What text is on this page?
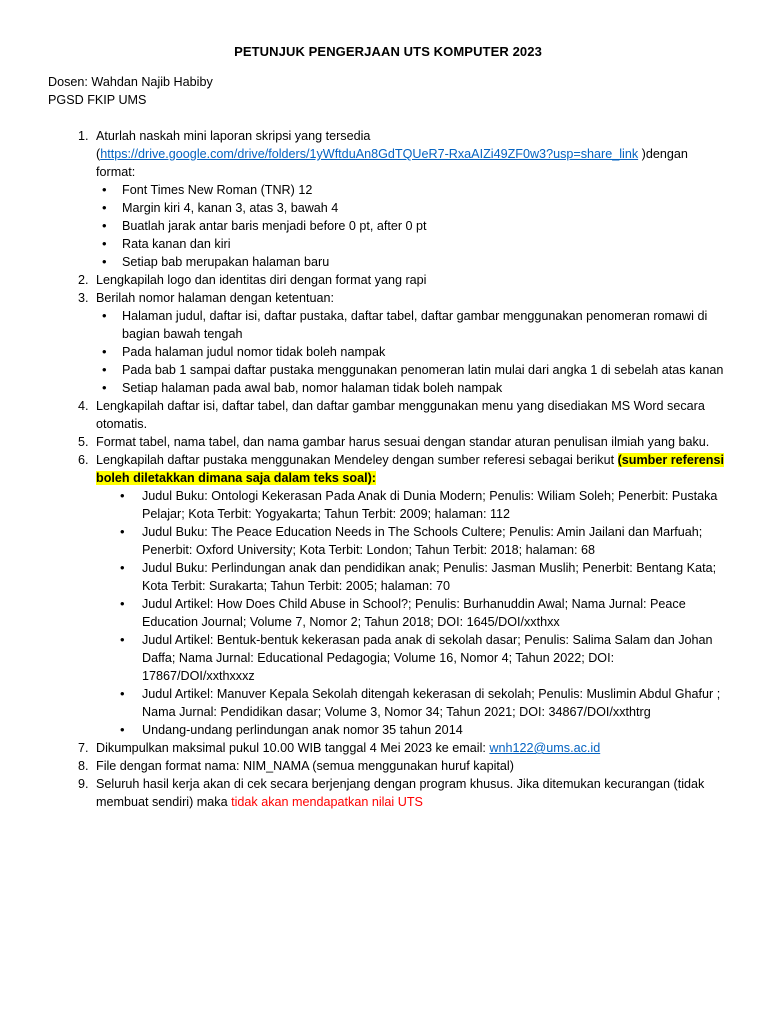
PETUNJUK PENGERJAAN UTS KOMPUTER 2023

Dosen: Wahdan Najib Habiby

PGSD FKIP UMS

1. Aturlah naskah mini laporan skripsi yang tersedia
(https://drive.google.com/drive/folders/1yWftduAn8GdTQUeR7-RxaAIZi49ZF0w3?usp=share_link )dengan format:
• Font Times New Roman (TNR) 12
• Margin kiri 4, kanan 3, atas 3, bawah 4
• Buatlah jarak antar baris menjadi before 0 pt, after 0 pt
• Rata kanan dan kiri
• Setiap bab merupakan halaman baru
2. Lengkapilah logo dan identitas diri dengan format yang rapi
3. Berilah nomor halaman dengan ketentuan:
• Halaman judul, daftar isi, daftar pustaka, daftar tabel, daftar gambar menggunakan penomeran romawi di bagian bawah tengah
• Pada halaman judul nomor tidak boleh nampak
• Pada bab 1 sampai daftar pustaka menggunakan penomeran latin mulai dari angka 1 di sebelah atas kanan
• Setiap halaman pada awal bab, nomor halaman tidak boleh nampak
4. Lengkapilah daftar isi, daftar tabel, dan daftar gambar menggunakan menu yang disediakan MS Word secara otomatis.
5. Format tabel, nama tabel, dan nama gambar harus sesuai dengan standar aturan penulisan ilmiah yang baku.
6. Lengkapilah daftar pustaka menggunakan Mendeley dengan sumber referesi sebagai berikut (sumber referensi boleh diletakkan dimana saja dalam teks soal):
• Judul Buku: Ontologi Kekerasan Pada Anak di Dunia Modern; Penulis: Wiliam Soleh; Penerbit: Pustaka Pelajar; Kota Terbit: Yogyakarta; Tahun Terbit: 2009; halaman: 112
• Judul Buku: The Peace Education Needs in The Schools Cultere; Penulis: Amin Jailani dan Marfuah; Penerbit: Oxford University; Kota Terbit: London; Tahun Terbit: 2018; halaman: 68
• Judul Buku: Perlindungan anak dan pendidikan anak; Penulis: Jasman Muslih; Penerbit: Bentang Kata; Kota Terbit: Surakarta; Tahun Terbit: 2005; halaman: 70
• Judul Artikel: How Does Child Abuse in School?; Penulis: Burhanuddin Awal; Nama Jurnal: Peace Education Journal; Volume 7, Nomor 2; Tahun 2018; DOI: 1645/DOI/xxthxx
• Judul Artikel: Bentuk-bentuk kekerasan pada anak di sekolah dasar; Penulis: Salima Salam dan Johan Daffa; Nama Jurnal: Educational Pedagogia; Volume 16, Nomor 4; Tahun 2022; DOI: 17867/DOI/xxthxxxz
• Judul Artikel: Manuver Kepala Sekolah ditengah kekerasan di sekolah; Penulis: Muslimin Abdul Ghafur ; Nama Jurnal: Pendidikan dasar; Volume 3, Nomor 34; Tahun 2021; DOI: 34867/DOI/xxthtrg
• Undang-undang perlindungan anak nomor 35 tahun 2014
7. Dikumpulkan maksimal pukul 10.00 WIB tanggal 4 Mei 2023 ke email: wnh122@ums.ac.id
8. File dengan format nama: NIM_NAMA (semua menggunakan huruf kapital)
9. Seluruh hasil kerja akan di cek secara berjenjang dengan program khusus. Jika ditemukan kecurangan (tidak membuat sendiri) maka tidak akan mendapatkan nilai UTS
